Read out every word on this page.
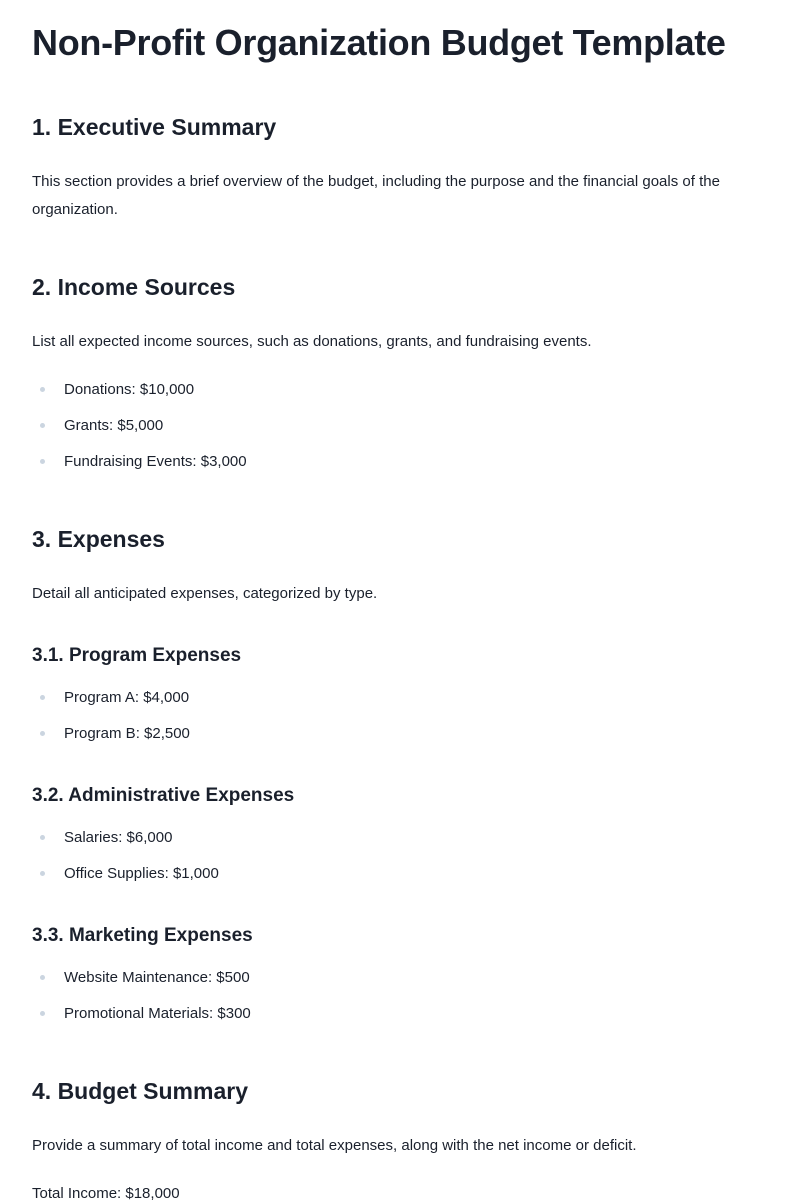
Non-Profit Organization Budget Template
1. Executive Summary

This section provides a brief overview of the budget, including the purpose and the financial goals of the organization.

2. Income Sources

List all expected income sources, such as donations, grants, and fundraising events.

Donations: $10,000
Grants: $5,000
Fundraising Events: $3,000
3. Expenses

Detail all anticipated expenses, categorized by type.

3.1. Program Expenses
Program A: $4,000
Program B: $2,500
3.2. Administrative Expenses
Salaries: $6,000
Office Supplies: $1,000
3.3. Marketing Expenses
Website Maintenance: $500
Promotional Materials: $300
4. Budget Summary

Provide a summary of total income and total expenses, along with the net income or deficit.

Total Income: $18,000
